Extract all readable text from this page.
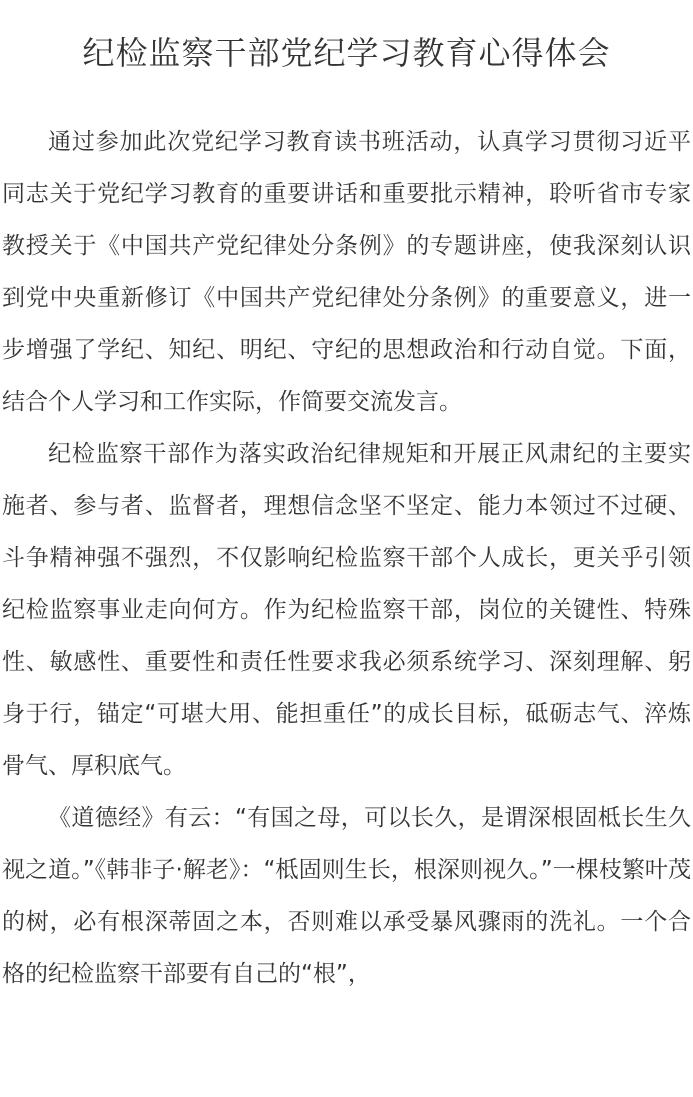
纪检监察干部党纪学习教育心得体会

通过参加此次党纪学习教育读书班活动，认真学习贯彻习近平同志关于党纪学习教育的重要讲话和重要批示精神，聆听省市专家教授关于《中国共产党纪律处分条例》的专题讲座，使我深刻认识到党中央重新修订《中国共产党纪律处分条例》的重要意义，进一步增强了学纪、知纪、明纪、守纪的思想政治和行动自觉。下面，结合个人学习和工作实际，作简要交流发言。

纪检监察干部作为落实政治纪律规矩和开展正风肃纪的主要实施者、参与者、监督者，理想信念坚不坚定、能力本领过不过硬、斗争精神强不强烈，不仅影响纪检监察干部个人成长，更关乎引领纪检监察事业走向何方。作为纪检监察干部，岗位的关键性、特殊性、敏感性、重要性和责任性要求我必须系统学习、深刻理解、躬身于行，锚定“可堪大用、能担重任”的成长目标，砥砺志气、淬炼骨气、厚积底气。

《道德经》有云：“有国之母，可以长久，是谓深根固柢长生久视之道。”《韩非子·解老》：“柢固则生长，根深则视久。”一棵枝繁叶茂的树，必有根深蒂固之本，否则难以承受暴风骤雨的洗礼。一个合格的纪检监察干部要有自己的“根”，
